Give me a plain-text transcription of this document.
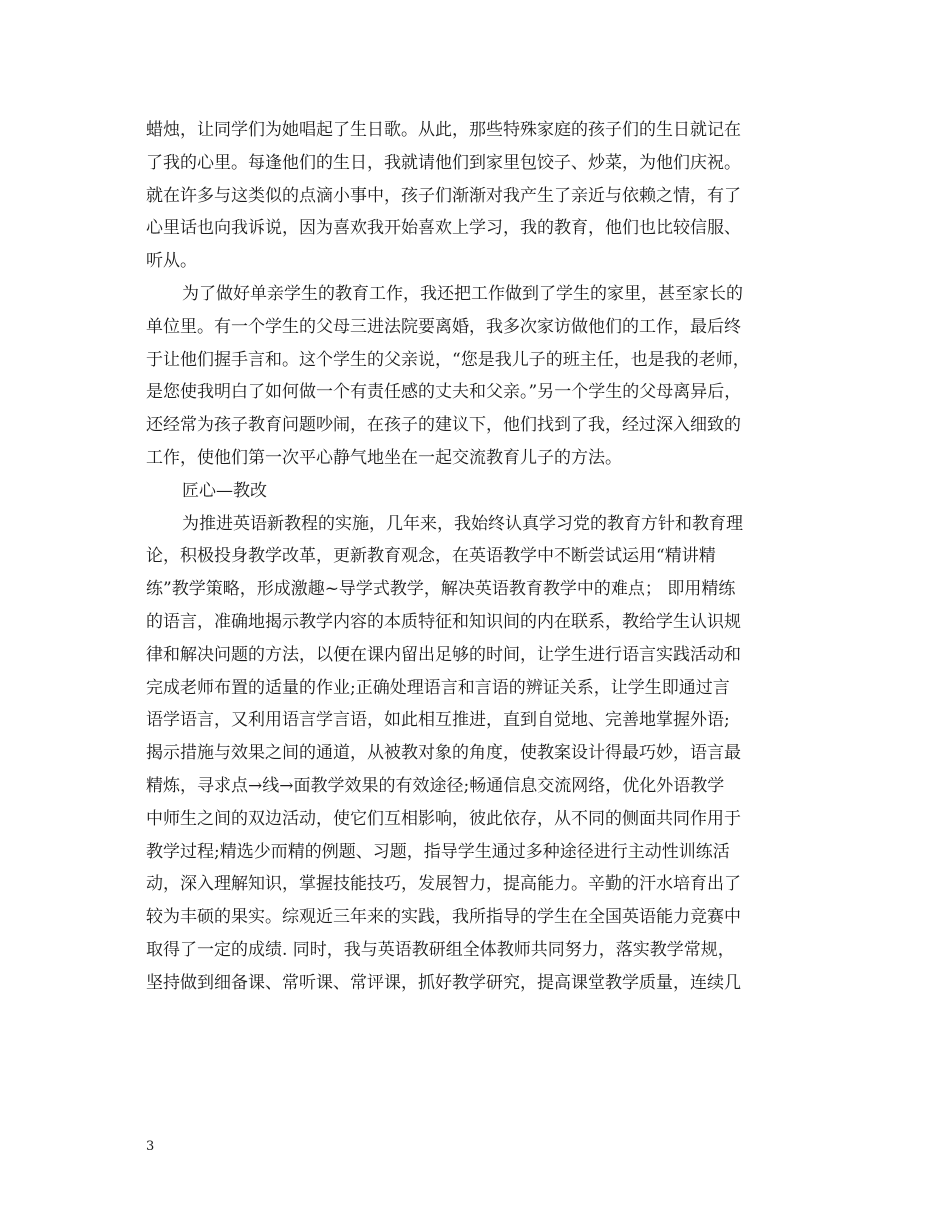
蜡烛，让同学们为她唱起了生日歌。从此，那些特殊家庭的孩子们的生日就记在
了我的心里。每逢他们的生日，我就请他们到家里包饺子、炒菜，为他们庆祝。
就在许多与这类似的点滴小事中，孩子们渐渐对我产生了亲近与依赖之情，有了
心里话也向我诉说，因为喜欢我开始喜欢上学习，我的教育，他们也比较信服、
听从。
为了做好单亲学生的教育工作，我还把工作做到了学生的家里，甚至家长的
单位里。有一个学生的父母三进法院要离婚，我多次家访做他们的工作，最后终
于让他们握手言和。这个学生的父亲说，“您是我儿子的班主任，也是我的老师，
是您使我明白了如何做一个有责任感的丈夫和父亲。”另一个学生的父母离异后，
还经常为孩子教育问题吵闹，在孩子的建议下，他们找到了我，经过深入细致的
工作，使他们第一次平心静气地坐在一起交流教育儿子的方法。
匠心—教改
为推进英语新教程的实施，几年来，我始终认真学习党的教育方针和教育理
论，积极投身教学改革，更新教育观念，在英语教学中不断尝试运用“精讲精
练”教学策略，形成激趣~导学式教学，解决英语教育教学中的难点； 即用精练
的语言，准确地揭示教学内容的本质特征和知识间的内在联系，教给学生认识规
律和解决问题的方法，以便在课内留出足够的时间，让学生进行语言实践活动和
完成老师布置的适量的作业;正确处理语言和言语的辨证关系，让学生即通过言
语学语言，又利用语言学言语，如此相互推进，直到自觉地、完善地掌握外语;
揭示措施与效果之间的通道，从被教对象的角度，使教案设计得最巧妙，语言最
精炼，寻求点→线→面教学效果的有效途径;畅通信息交流网络，优化外语教学
中师生之间的双边活动，使它们互相影响，彼此依存，从不同的侧面共同作用于
教学过程;精选少而精的例题、习题，指导学生通过多种途径进行主动性训练活
动，深入理解知识，掌握技能技巧，发展智力，提高能力。辛勤的汗水培育出了
较为丰硕的果实。综观近三年来的实践，我所指导的学生在全国英语能力竞赛中
取得了一定的成绩. 同时，我与英语教研组全体教师共同努力，落实教学常规，
坚持做到细备课、常听课、常评课，抓好教学研究，提高课堂教学质量，连续几
3
